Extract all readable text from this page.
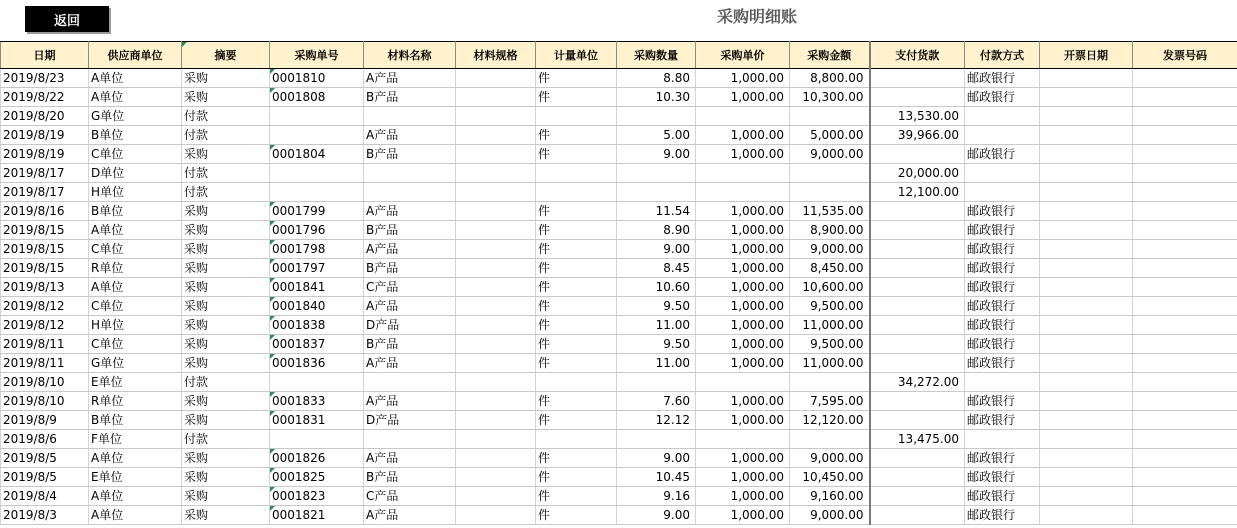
返回	采购明细账
日期	供应商单位	摘要	采购单号	材料名称	材料规格	计量单位	采购数量	采购单价	采购金额	支付货款	付款方式	开票日期	发票号码
2019/8/23	A单位	采购	0001810	A产品		件	8.80	1,000.00	8,800.00		邮政银行		
2019/8/22	A单位	采购	0001808	B产品		件	10.30	1,000.00	10,300.00		邮政银行		
2019/8/20	G单位	付款								13,530.00			
2019/8/19	B单位	付款		A产品		件	5.00	1,000.00	5,000.00	39,966.00			
2019/8/19	C单位	采购	0001804	B产品		件	9.00	1,000.00	9,000.00		邮政银行		
2019/8/17	D单位	付款								20,000.00			
2019/8/17	H单位	付款								12,100.00			
2019/8/16	B单位	采购	0001799	A产品		件	11.54	1,000.00	11,535.00		邮政银行		
2019/8/15	A单位	采购	0001796	B产品		件	8.90	1,000.00	8,900.00		邮政银行		
2019/8/15	C单位	采购	0001798	A产品		件	9.00	1,000.00	9,000.00		邮政银行		
2019/8/15	R单位	采购	0001797	B产品		件	8.45	1,000.00	8,450.00		邮政银行		
2019/8/13	A单位	采购	0001841	C产品		件	10.60	1,000.00	10,600.00		邮政银行		
2019/8/12	C单位	采购	0001840	A产品		件	9.50	1,000.00	9,500.00		邮政银行		
2019/8/12	H单位	采购	0001838	D产品		件	11.00	1,000.00	11,000.00		邮政银行		
2019/8/11	C单位	采购	0001837	B产品		件	9.50	1,000.00	9,500.00		邮政银行		
2019/8/11	G单位	采购	0001836	A产品		件	11.00	1,000.00	11,000.00		邮政银行		
2019/8/10	E单位	付款								34,272.00			
2019/8/10	R单位	采购	0001833	A产品		件	7.60	1,000.00	7,595.00		邮政银行		
2019/8/9	B单位	采购	0001831	D产品		件	12.12	1,000.00	12,120.00		邮政银行		
2019/8/6	F单位	付款								13,475.00			
2019/8/5	A单位	采购	0001826	A产品		件	9.00	1,000.00	9,000.00		邮政银行		
2019/8/5	E单位	采购	0001825	B产品		件	10.45	1,000.00	10,450.00		邮政银行		
2019/8/4	A单位	采购	0001823	C产品		件	9.16	1,000.00	9,160.00		邮政银行		
2019/8/3	A单位	采购	0001821	A产品		件	9.00	1,000.00	9,000.00		邮政银行		
